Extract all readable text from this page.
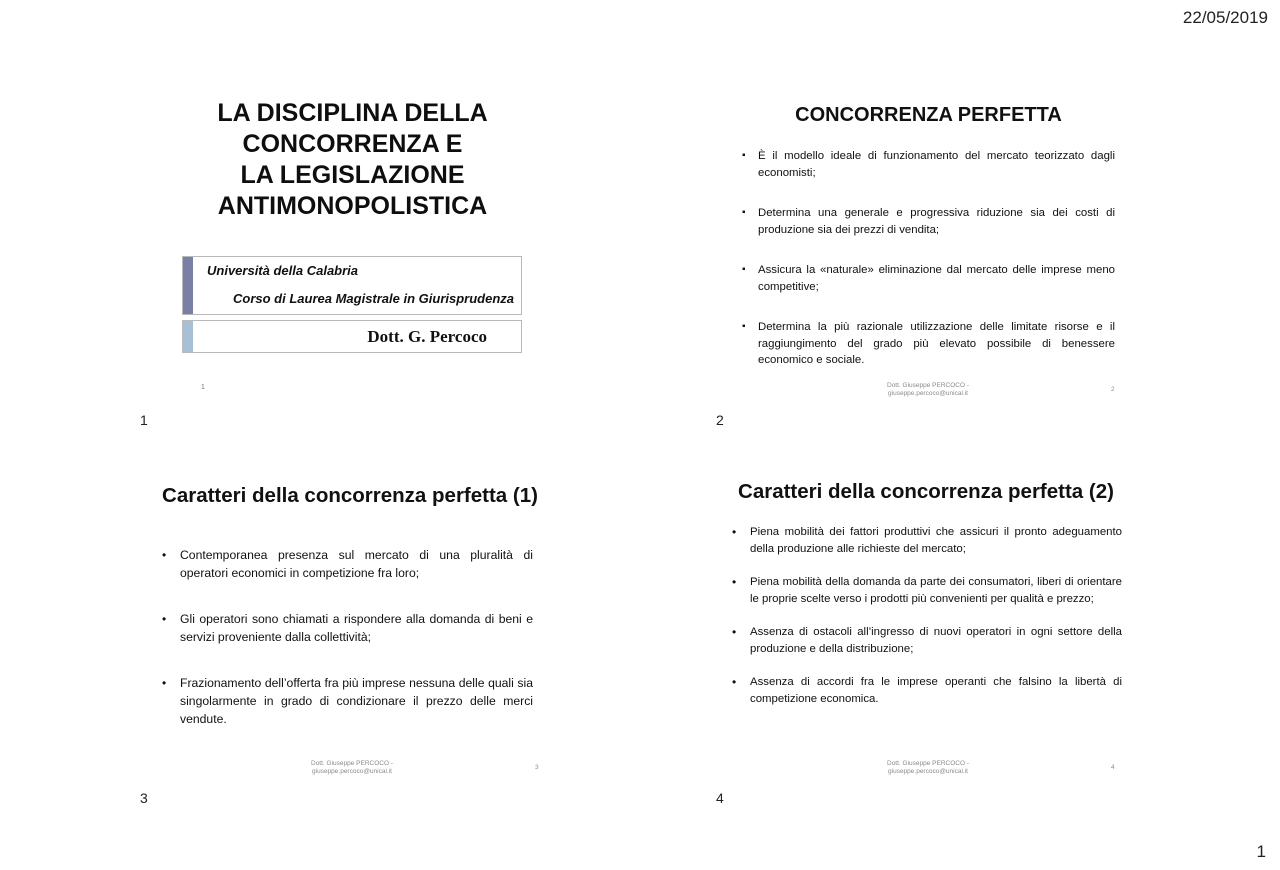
22/05/2019
LA DISCIPLINA DELLA
CONCORRENZA E
LA LEGISLAZIONE
ANTIMONOPOLISTICA
Università della Calabria
Corso di Laurea Magistrale in Giurisprudenza
Dott. G. Percoco
1
1
CONCORRENZA PERFETTA
▪ È il modello ideale di funzionamento del mercato teorizzato dagli economisti;
▪ Determina una generale e progressiva riduzione sia dei costi di produzione sia dei prezzi di vendita;
▪ Assicura la «naturale» eliminazione dal mercato delle imprese meno competitive;
▪ Determina la più razionale utilizzazione delle limitate risorse e il raggiungimento del grado più elevato possibile di benessere economico e sociale.
Dott. Giuseppe PERCOCO -
giuseppe.percoco@unical.it
2
2
Caratteri della concorrenza perfetta (1)
• Contemporanea presenza sul mercato di una pluralità di operatori economici in competizione fra loro;
• Gli operatori sono chiamati a rispondere alla domanda di beni e servizi proveniente dalla collettività;
• Frazionamento dell’offerta fra più imprese nessuna delle quali sia singolarmente in grado di condizionare il prezzo delle merci vendute.
Dott. Giuseppe PERCOCO -
giuseppe.percoco@unical.it
3
3
Caratteri della concorrenza perfetta (2)
• Piena mobilità dei fattori produttivi che assicuri il pronto adeguamento della produzione alle richieste del mercato;
• Piena mobilità della domanda da parte dei consumatori, liberi di orientare le proprie scelte verso i prodotti più convenienti per qualità e prezzo;
• Assenza di ostacoli all’ingresso di nuovi operatori in ogni settore della produzione e della distribuzione;
• Assenza di accordi fra le imprese operanti che falsino la libertà di competizione economica.
Dott. Giuseppe PERCOCO -
giuseppe.percoco@unical.it
4
4
1
